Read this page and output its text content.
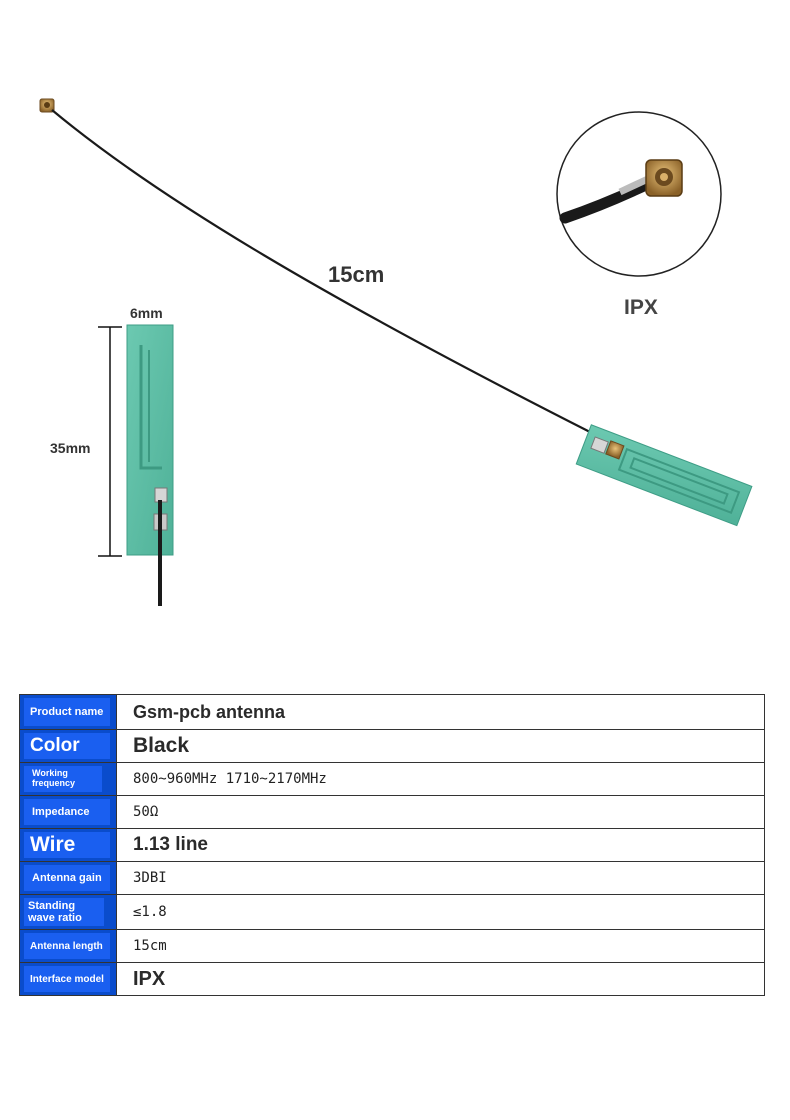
15cm
IPX
6mm
35mm
Product name	Gsm-pcb antenna

Color	Black

Working frequency	800~960MHz 1710~2170MHz

Impedance	50Ω

Wire	1.13 line

Antenna gain	3DBI

Standing wave ratio	≤1.8

Antenna length	15cm

Interface model	IPX
